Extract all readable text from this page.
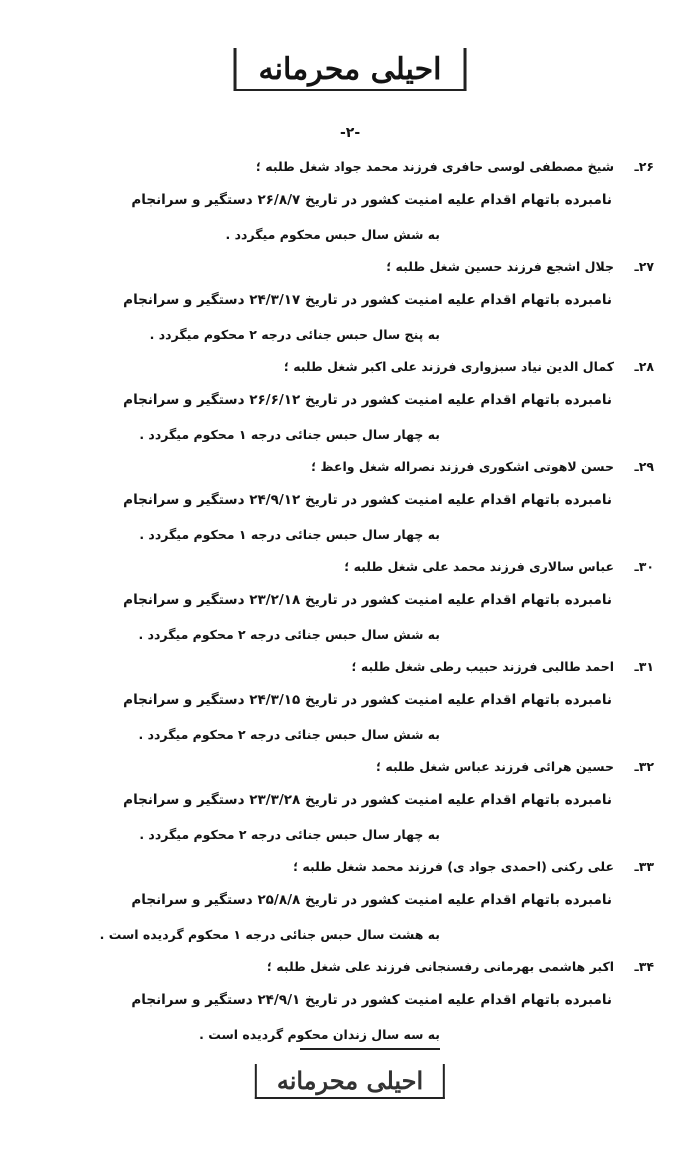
احیلی محرمانه
-۲-
۲۶ـشیخ مصطفی لوسی حافری فرزند محمد جواد شغل طلبه ؛
نامبرده باتهام اقدام علیه امنیت کشور در تاریخ ۲۶/۸/۷ دستگیر و سرانجام
به شش سال حبس محکوم میگردد .
۲۷ـجلال اشجع فرزند حسین شغل طلبه ؛
نامبرده باتهام اقدام علیه امنیت کشور در تاریخ ۲۴/۳/۱۷ دستگیر و سرانجام
به پنج سال حبس جنائی درجه ۲ محکوم میگردد .
۲۸ـکمال الدین نیاد سبزواری فرزند علی اکبر شغل طلبه ؛
نامبرده باتهام اقدام علیه امنیت کشور در تاریخ ۲۶/۶/۱۲ دستگیر و سرانجام
به چهار سال حبس جنائی درجه ۱ محکوم میگردد .
۲۹ـحسن لاهوتی اشکوری فرزند نصراله شغل واعظ ؛
نامبرده باتهام اقدام علیه امنیت کشور در تاریخ ۲۴/۹/۱۲ دستگیر و سرانجام
به چهار سال حبس جنائی درجه ۱ محکوم میگردد .
۳۰ـعباس سالاری فرزند محمد علی شغل طلبه ؛
نامبرده باتهام اقدام علیه امنیت کشور در تاریخ ۲۳/۲/۱۸ دستگیر و سرانجام
به شش سال حبس جنائی درجه ۲ محکوم میگردد .
۳۱ـاحمد طالبی فرزند حبیب رطی شغل طلبه ؛
نامبرده باتهام اقدام علیه امنیت کشور در تاریخ ۲۴/۳/۱۵ دستگیر و سرانجام
به شش سال حبس جنائی درجه ۲ محکوم میگردد .
۳۲ـحسین هرائی فرزند عباس شغل طلبه ؛
نامبرده باتهام اقدام علیه امنیت کشور در تاریخ ۲۳/۳/۲۸ دستگیر و سرانجام
به چهار سال حبس جنائی درجه ۲ محکوم میگردد .
۳۳ـعلی رکنی (احمدی جواد ی) فرزند محمد شغل طلبه ؛
نامبرده باتهام اقدام علیه امنیت کشور در تاریخ ۲۵/۸/۸ دستگیر و سرانجام
به هشت سال حبس جنائی درجه ۱ محکوم گردیده است .
۳۴ـاکبر هاشمی بهرمانی رفسنجانی فرزند علی شغل طلبه ؛
نامبرده باتهام اقدام علیه امنیت کشور در تاریخ ۲۴/۹/۱ دستگیر و سرانجام
به سه سال زندان محکوم گردیده است .
احیلی محرمانه
